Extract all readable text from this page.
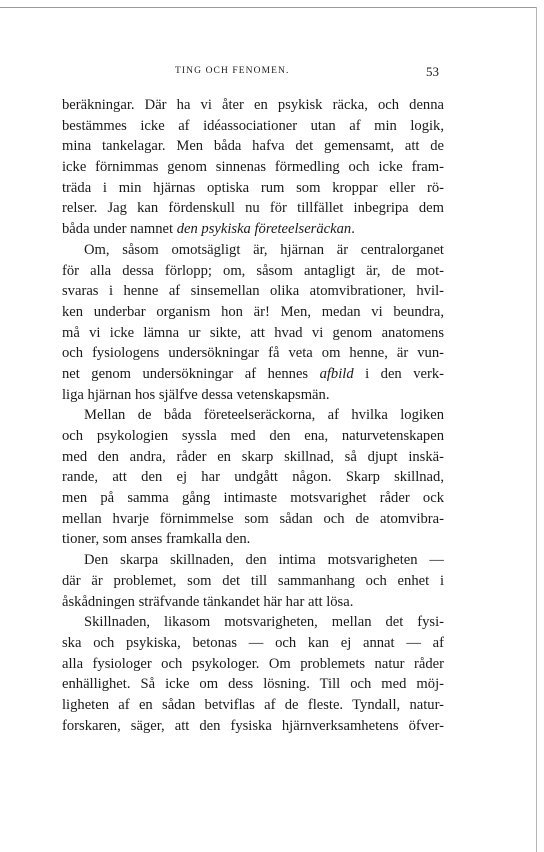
TING OCH FENOMEN.	53
beräkningar. Där ha vi åter en psykisk räcka, och denna
bestämmes icke af idéassociationer utan af min logik,
mina tankelagar. Men båda hafva det gemensamt, att de
icke förnimmas genom sinnenas förmedling och icke fram-
träda i min hjärnas optiska rum som kroppar eller rö-
relser. Jag kan fördenskull nu för tillfället inbegripa dem
båda under namnet den psykiska företeelseräckan.
Om, såsom omotsägligt är, hjärnan är centralorganet
för alla dessa förlopp; om, såsom antagligt är, de mot-
svaras i henne af sinsemellan olika atomvibrationer, hvil-
ken underbar organism hon är! Men, medan vi beundra,
må vi icke lämna ur sikte, att hvad vi genom anatomens
och fysiologens undersökningar få veta om henne, är vun-
net genom undersökningar af hennes afbild i den verk-
liga hjärnan hos själfve dessa vetenskapsmän.
Mellan de båda företeelseräckorna, af hvilka logiken
och psykologien syssla med den ena, naturvetenskapen
med den andra, råder en skarp skillnad, så djupt inskä-
rande, att den ej har undgått någon. Skarp skillnad,
men på samma gång intimaste motsvarighet råder ock
mellan hvarje förnimmelse som sådan och de atomvibra-
tioner, som anses framkalla den.
Den skarpa skillnaden, den intima motsvarigheten —
där är problemet, som det till sammanhang och enhet i
åskådningen sträfvande tänkandet här har att lösa.
Skillnaden, likasom motsvarigheten, mellan det fysi-
ska och psykiska, betonas — och kan ej annat — af
alla fysiologer och psykologer. Om problemets natur råder
enhällighet. Så icke om dess lösning. Till och med möj-
ligheten af en sådan betviflas af de fleste. Tyndall, natur-
forskaren, säger, att den fysiska hjärnverksamhetens öfver-
